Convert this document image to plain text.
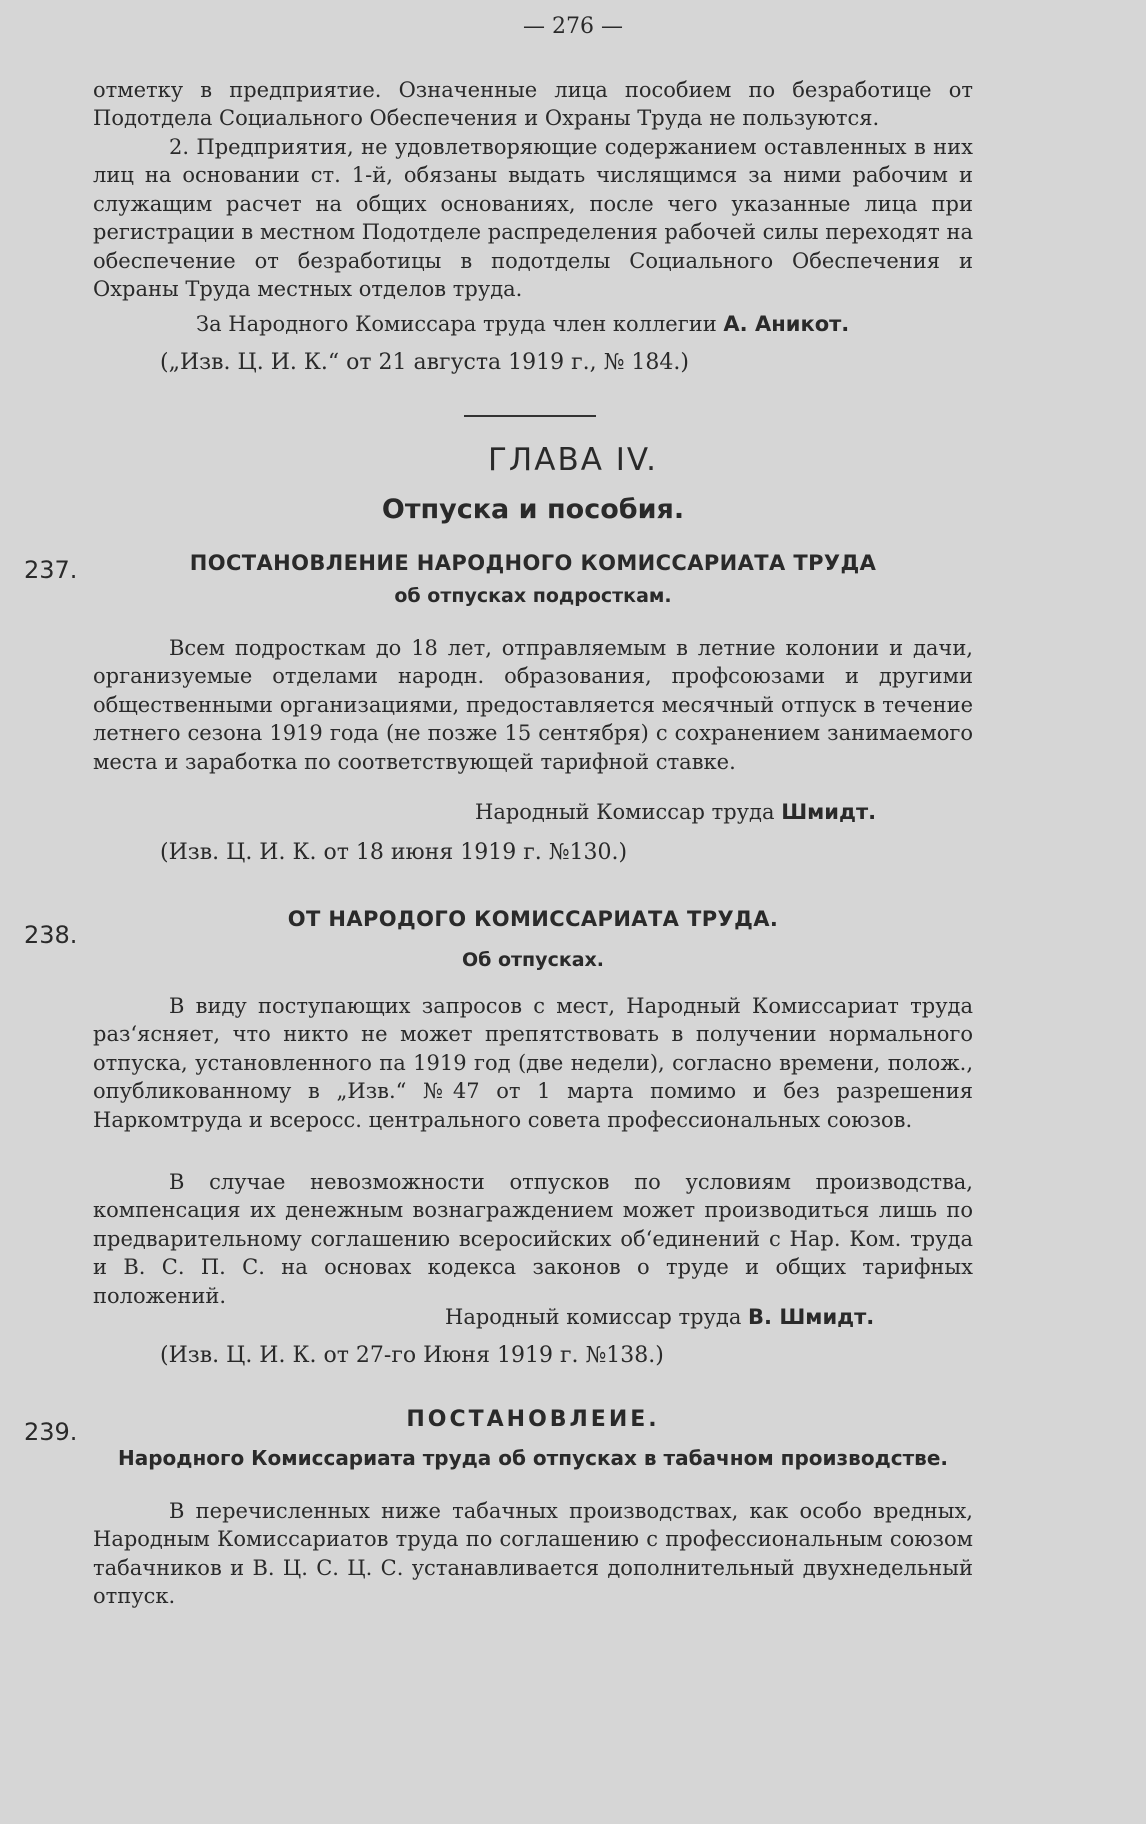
— 276 —
отметку в предприятие. Означенные лица пособием по безработице от Подотдела Социального Обеспечения и Охраны Труда не пользуются.
2. Предприятия, не удовлетворяющие содержанием оставленных в них лиц на основании ст. 1-й, обязаны выдать числящимся за ними рабочим и служащим расчет на общих основаниях, после чего указанные лица при регистрации в местном Подотделе распределения рабочей силы переходят на обеспечение от безработицы в подотделы Социального Обеспечения и Охраны Труда местных отделов труда.
За Народного Комиссара труда член коллегии А. Аникот.
(„Изв. Ц. И. К.“ от 21 августа 1919 г., № 184.)
ГЛАВА IV.
Отпуска и пособия.
237.	ПОСТАНОВЛЕНИЕ НАРОДНОГО КОМИССАРИАТА ТРУДА
об отпусках подросткам.
Всем подросткам до 18 лет, отправляемым в летние колонии и дачи, организуемые отделами народн. образования, профсоюзами и другими общественными организациями, предоставляется месячный отпуск в течение летнего сезона 1919 года (не позже 15 сентября) с сохранением занимаемого места и заработка по соответствующей тарифной ставке.
Народный Комиссар труда Шмидт.
(Изв. Ц. И. К. от 18 июня 1919 г. №130.)
238.
ОТ НАРОДОГО КОМИССАРИАТА ТРУДА.
Об отпусках.
В виду поступающих запросов с мест, Народный Комиссариат труда раз‘ясняет, что никто не может препятствовать в получении нормального отпуска, установленного па 1919 год (две недели), согласно времени, полож., опубликованному в „Изв.“ №47 от 1 марта помимо и без разрешения Наркомтруда и всеросс. центрального совета профессиональных союзов.
В случае невозможности отпусков по условиям производства, компенсация их денежным вознаграждением может производиться лишь по предварительному соглашению всеросийских об‘единений с Нар. Ком. труда и В. С. П. С. на основах кодекса законов о труде и общих тарифных положений.
Народный комиссар труда В. Шмидт.
(Изв. Ц. И. К. от 27-го Июня 1919 г. №138.)
239.	ПОСТАНОВЛЕИЕ.
Народного Комиссариата труда об отпусках в табачном производстве.
В перечисленных ниже табачных производствах, как особо вредных, Народным Комиссариатов труда по соглашению с профессиональным союзом табачников и В. Ц. С. Ц. С. устанавливается дополнительный двухнедельный отпуск.
